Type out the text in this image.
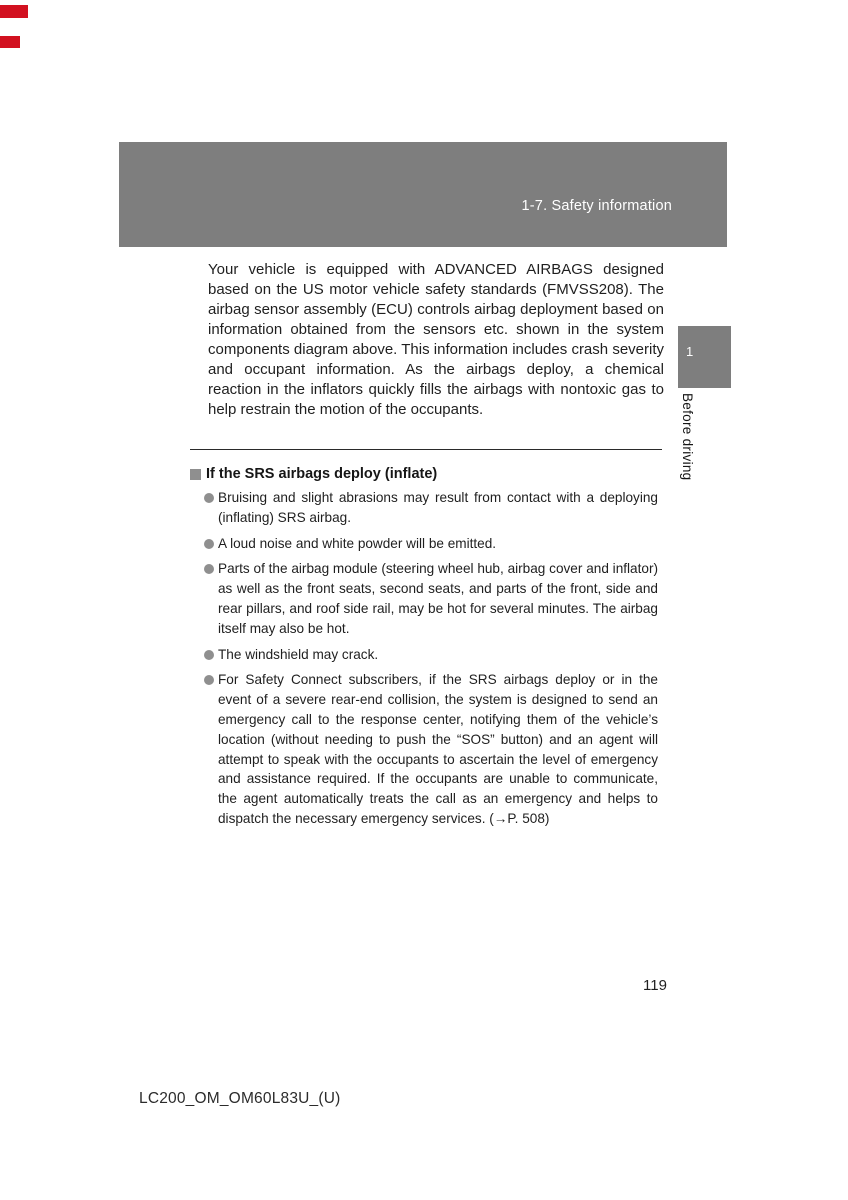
1-7. Safety information

Your vehicle is equipped with ADVANCED AIRBAGS designed based on the US motor vehicle safety standards (FMVSS208). The airbag sensor assembly (ECU) controls airbag deployment based on information obtained from the sensors etc. shown in the system components diagram above. This information includes crash severity and occupant information. As the airbags deploy, a chemical reaction in the inflators quickly fills the airbags with nontoxic gas to help restrain the motion of the occupants.

If the SRS airbags deploy (inflate)
Bruising and slight abrasions may result from contact with a deploying (inflating) SRS airbag.
A loud noise and white powder will be emitted.
Parts of the airbag module (steering wheel hub, airbag cover and inflator) as well as the front seats, second seats, and parts of the front, side and rear pillars, and roof side rail, may be hot for several minutes. The airbag itself may also be hot.
The windshield may crack.
For Safety Connect subscribers, if the SRS airbags deploy or in the event of a severe rear-end collision, the system is designed to send an emergency call to the response center, notifying them of the vehicle’s location (without needing to push the “SOS” button) and an agent will attempt to speak with the occupants to ascertain the level of emergency and assistance required. If the occupants are unable to communicate, the agent automatically treats the call as an emergency and helps to dispatch the necessary emergency services. (→P. 508)
1
Before driving
119
LC200_OM_OM60L83U_(U)
